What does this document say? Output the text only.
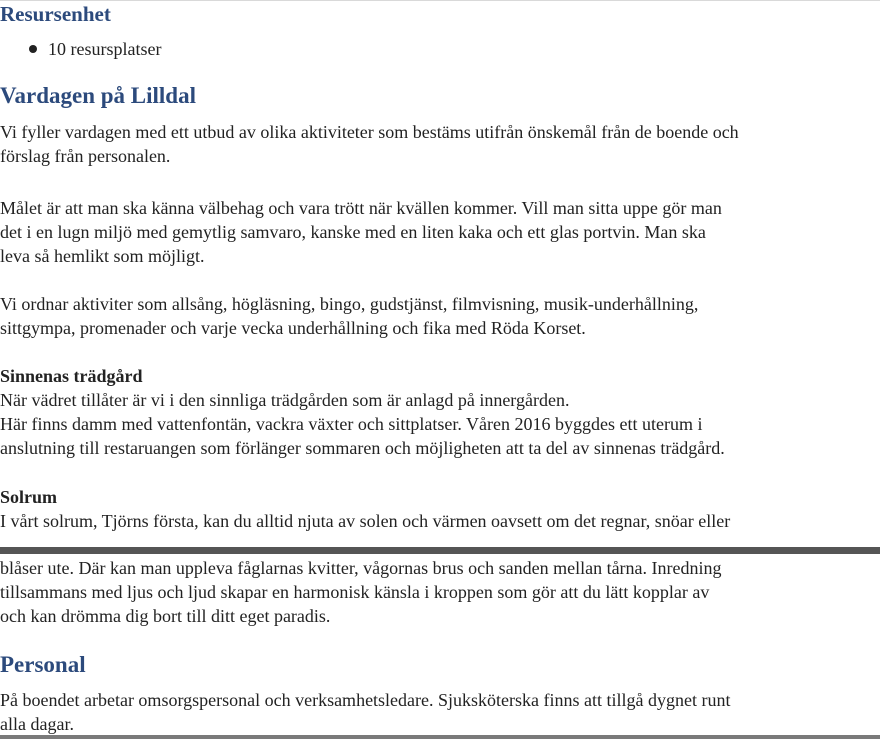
Resursenhet
10 resursplatser
Vardagen på Lilldal

Vi fyller vardagen med ett utbud av olika aktiviteter som bestäms utifrån önskemål från de boende och
förslag från personalen.

Målet är att man ska känna välbehag och vara trött när kvällen kommer. Vill man sitta uppe gör man
det i en lugn miljö med gemytlig samvaro, kanske med en liten kaka och ett glas portvin. Man ska
leva så hemlikt som möjligt.

Vi ordnar aktiviter som allsång, högläsning, bingo, gudstjänst, filmvisning, musik-underhållning,
sittgympa, promenader och varje vecka underhållning och fika med Röda Korset.

Sinnenas trädgård

När vädret tillåter är vi i den sinnliga trädgården som är anlagd på innergården.
Här finns damm med vattenfontän, vackra växter och sittplatser. Våren 2016 byggdes ett uterum i
anslutning till restaruangen som förlänger sommaren och möjligheten att ta del av sinnenas trädgård.

Solrum

I vårt solrum, Tjörns första, kan du alltid njuta av solen och värmen oavsett om det regnar, snöar eller

blåser ute. Där kan man uppleva fåglarnas kvitter, vågornas brus och sanden mellan tårna. Inredning
tillsammans med ljus och ljud skapar en harmonisk känsla i kroppen som gör att du lätt kopplar av
och kan drömma dig bort till ditt eget paradis.

Personal

På boendet arbetar omsorgspersonal och verksamhetsledare. Sjuksköterska finns att tillgå dygnet runt
alla dagar.
